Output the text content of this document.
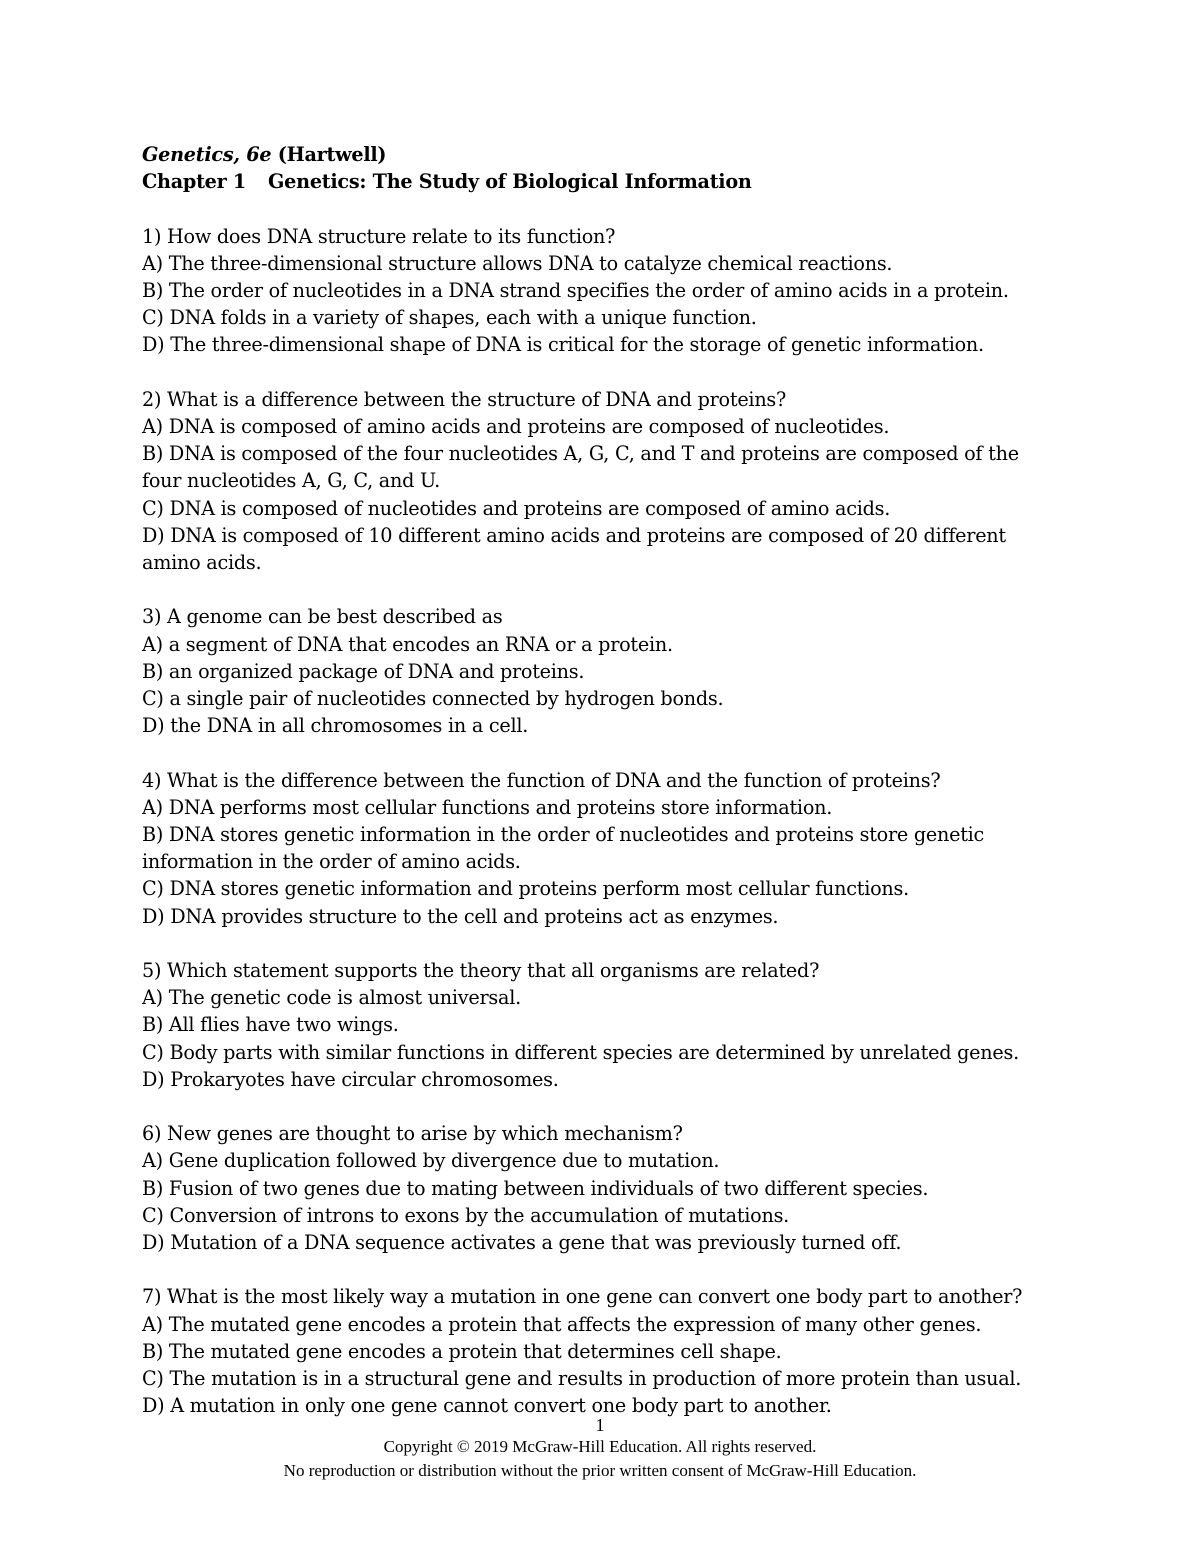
Genetics, 6e (Hartwell)

Chapter 1 Genetics: The Study of Biological Information

1) How does DNA structure relate to its function?

A) The three-dimensional structure allows DNA to catalyze chemical reactions.

B) The order of nucleotides in a DNA strand specifies the order of amino acids in a protein.

C) DNA folds in a variety of shapes, each with a unique function.

D) The three-dimensional shape of DNA is critical for the storage of genetic information.

2) What is a difference between the structure of DNA and proteins?

A) DNA is composed of amino acids and proteins are composed of nucleotides.

B) DNA is composed of the four nucleotides A, G, C, and T and proteins are composed of the four nucleotides A, G, C, and U.

C) DNA is composed of nucleotides and proteins are composed of amino acids.

D) DNA is composed of 10 different amino acids and proteins are composed of 20 different amino acids.

3) A genome can be best described as

A) a segment of DNA that encodes an RNA or a protein.

B) an organized package of DNA and proteins.

C) a single pair of nucleotides connected by hydrogen bonds.

D) the DNA in all chromosomes in a cell.

4) What is the difference between the function of DNA and the function of proteins?

A) DNA performs most cellular functions and proteins store information.

B) DNA stores genetic information in the order of nucleotides and proteins store genetic information in the order of amino acids.

C) DNA stores genetic information and proteins perform most cellular functions.

D) DNA provides structure to the cell and proteins act as enzymes.

5) Which statement supports the theory that all organisms are related?

A) The genetic code is almost universal.

B) All flies have two wings.

C) Body parts with similar functions in different species are determined by unrelated genes.

D) Prokaryotes have circular chromosomes.

6) New genes are thought to arise by which mechanism?

A) Gene duplication followed by divergence due to mutation.

B) Fusion of two genes due to mating between individuals of two different species.

C) Conversion of introns to exons by the accumulation of mutations.

D) Mutation of a DNA sequence activates a gene that was previously turned off.

7) What is the most likely way a mutation in one gene can convert one body part to another?

A) The mutated gene encodes a protein that affects the expression of many other genes.

B) The mutated gene encodes a protein that determines cell shape.

C) The mutation is in a structural gene and results in production of more protein than usual.

D) A mutation in only one gene cannot convert one body part to another.

1
Copyright © 2019 McGraw-Hill Education. All rights reserved.
No reproduction or distribution without the prior written consent of McGraw-Hill Education.
